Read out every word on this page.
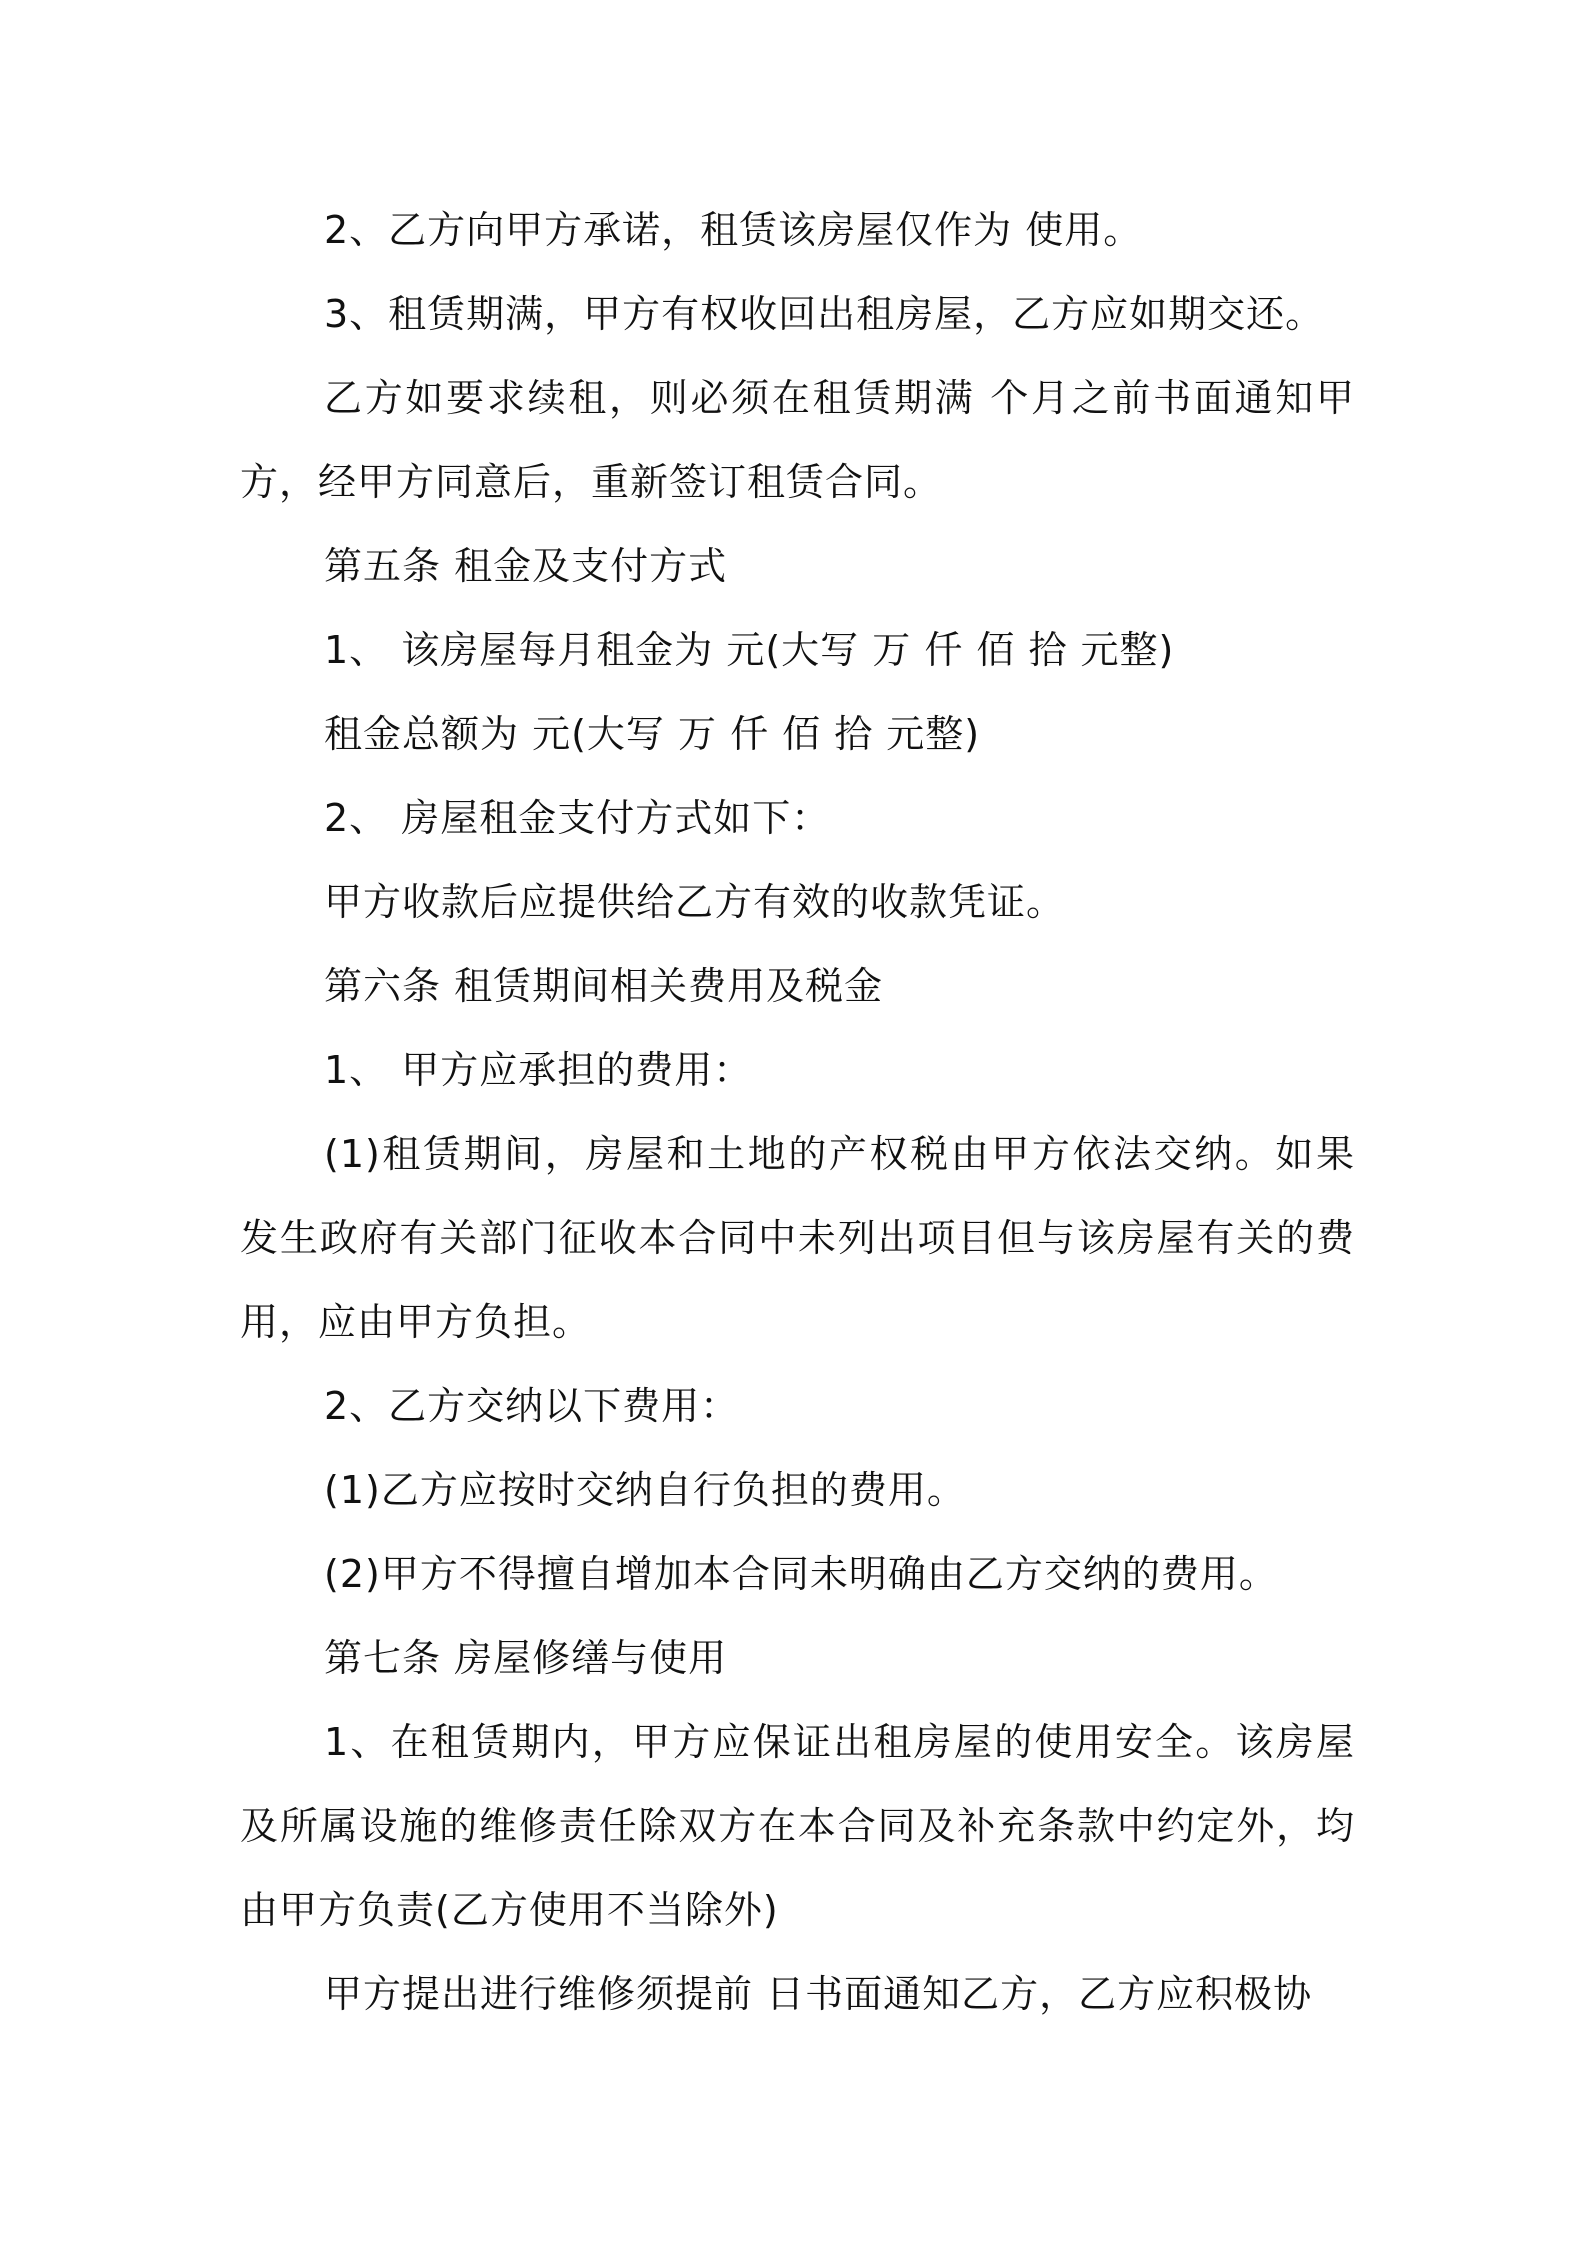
2、乙方向甲方承诺，租赁该房屋仅作为 使用。

3、租赁期满，甲方有权收回出租房屋，乙方应如期交还。

乙方如要求续租，则必须在租赁期满 个月之前书面通知甲方，经甲方同意后，重新签订租赁合同。

第五条 租金及支付方式

1、 该房屋每月租金为 元(大写 万 仟 佰 拾 元整)

租金总额为 元(大写 万 仟 佰 拾 元整)

2、 房屋租金支付方式如下：

甲方收款后应提供给乙方有效的收款凭证。

第六条 租赁期间相关费用及税金

1、 甲方应承担的费用：

(1)租赁期间，房屋和土地的产权税由甲方依法交纳。如果发生政府有关部门征收本合同中未列出项目但与该房屋有关的费用，应由甲方负担。

2、乙方交纳以下费用：

(1)乙方应按时交纳自行负担的费用。

(2)甲方不得擅自增加本合同未明确由乙方交纳的费用。

第七条 房屋修缮与使用

1、在租赁期内，甲方应保证出租房屋的使用安全。该房屋及所属设施的维修责任除双方在本合同及补充条款中约定外，均由甲方负责(乙方使用不当除外)

甲方提出进行维修须提前 日书面通知乙方，乙方应积极协
